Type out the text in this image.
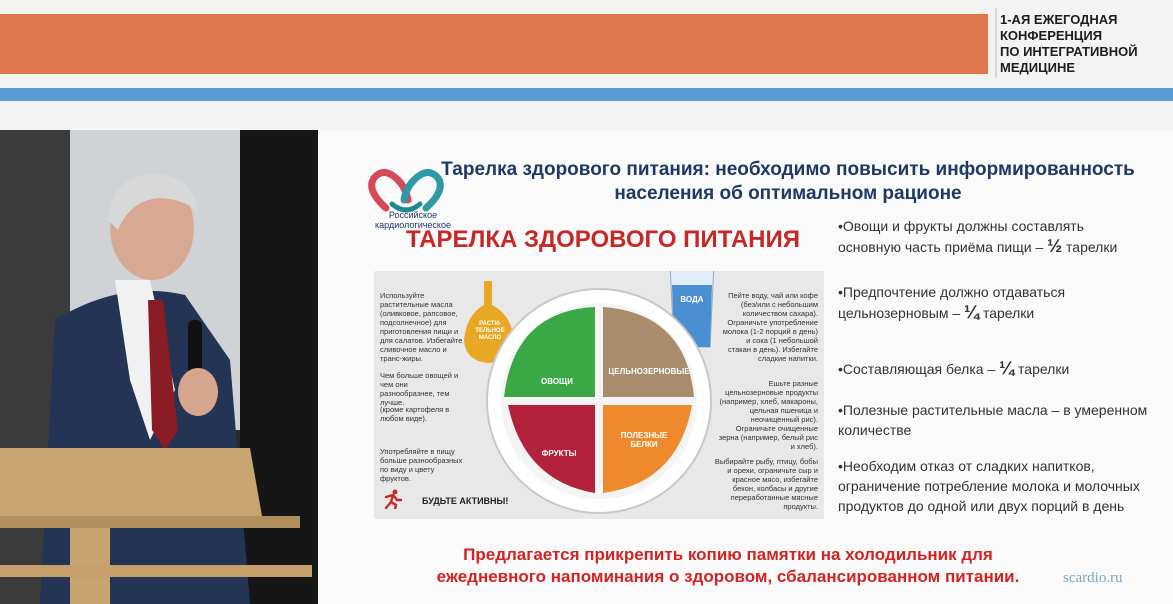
1-АЯ ЕЖЕГОДНАЯ
КОНФЕРЕНЦИЯ
ПО ИНТЕГРАТИВНОЙ
МЕДИЦИНЕ
Российское кардиологическое
Тарелка здорового питания: необходимо повысить информированность населения об оптимальном рационе
ТАРЕЛКА ЗДОРОВОГО ПИТАНИЯ
ОВОЩИ
ЦЕЛЬНОЗЕРНОВЫЕ
ФРУКТЫ
ПОЛЕЗНЫЕ БЕЛКИ
РАСТИ-ТЕЛЬНОЕ МАСЛО
ВОДА
Используйте растительные масла (оливковое, рапсовое, подсолнечное) для приготовления пищи и для салатов. Избегайте сливочное масло и транс-жиры.
Чем больше овощей и чем они разнообразнее, тем лучше.
(кроме картофеля в любом виде).
Употребляйте в пищу больше разнообразных по виду и цвету фруктов.
Пейте воду, чай или кофе (без/или с небольшим количеством сахара). Ограничьте употребление молока (1-2 порций в день) и сока (1 небольшой стакан в день). Избегайте сладкие напитки.
Ешьте разные цельнозерновые продукты (например, хлеб, макароны, цельная пшеница и неочищенный рис). Ограничьте очищенные зерна (например, белый рис и хлеб).
Выбирайте рыбу, птицу, бобы и орехи, ограничьте сыр и красное мясо, избегайте бекон, колбасы и другие переработанные мясные продукты.
БУДЬТЕ АКТИВНЫ!
•Овощи и фрукты должны составлять основную часть приёма пищи – ½ тарелки
•Предпочтение должно отдаваться цельнозерновым – ¼ тарелки
•Составляющая белка – ¼ тарелки
•Полезные растительные масла – в умеренном количестве
•Необходим отказ от сладких напитков, ограничение потребление молока и молочных продуктов до одной или двух порций в день
Предлагается прикрепить копию памятки на холодильник для ежедневного напоминания о здоровом, сбалансированном питании.	scardio.ru
